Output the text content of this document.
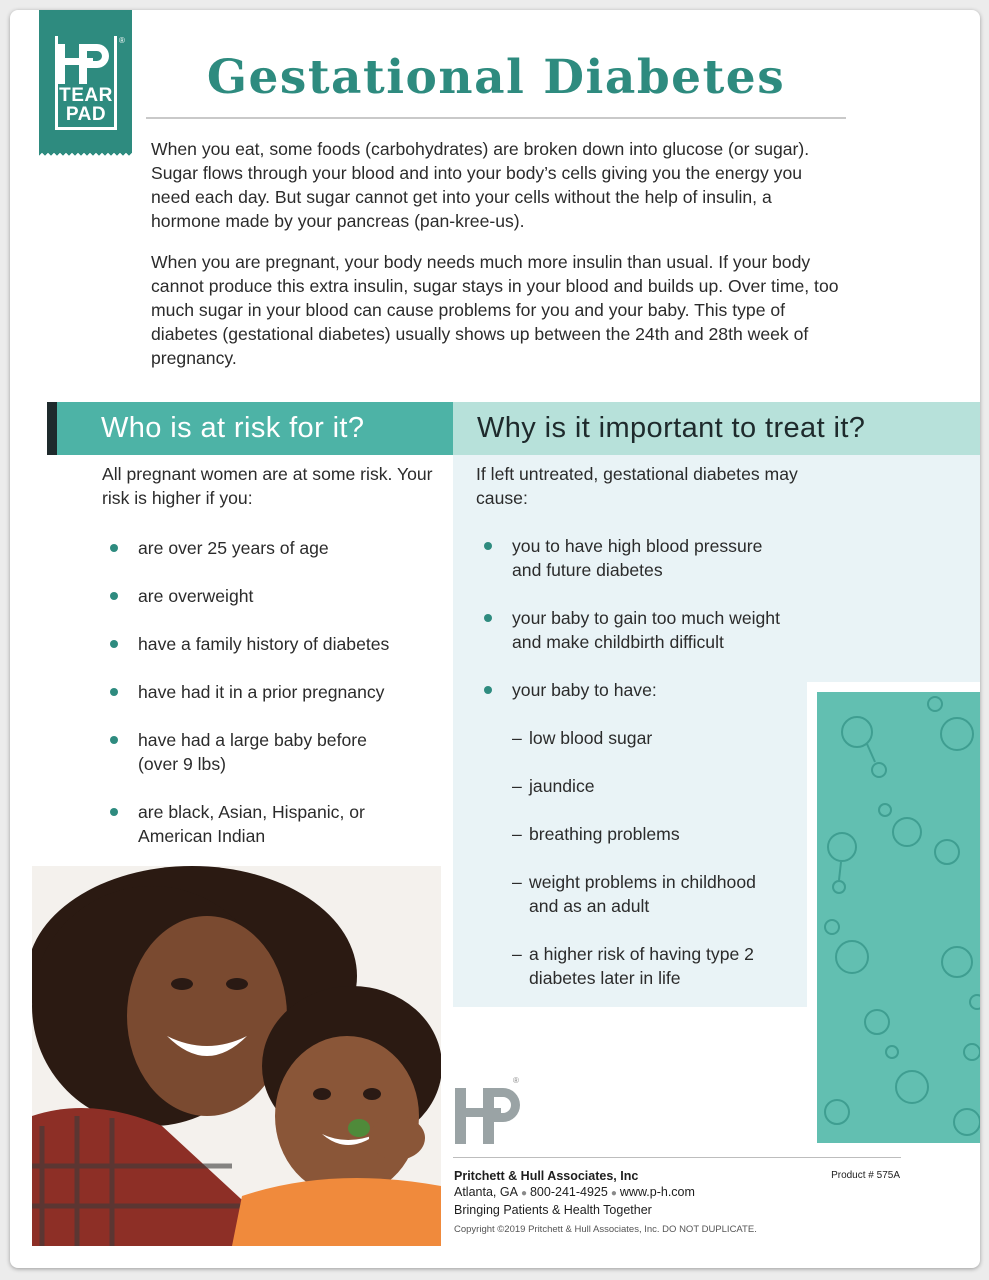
®
TEAR
PAD
Gestational Diabetes

When you eat, some foods (carbohydrates) are broken down into glucose (or sugar). Sugar flows through your blood and into your body’s cells giving you the energy you need each day. But sugar cannot get into your cells without the help of insulin, a hormone made by your pancreas (pan-kree-us).

When you are pregnant, your body needs much more insulin than usual. If your body cannot produce this extra insulin, sugar stays in your blood and builds up. Over time, too much sugar in your blood can cause problems for you and your baby. This type of diabetes (gestational diabetes) usually shows up between the 24th and 28th week of pregnancy.

Who is at risk for it?	Why is it important to treat it?

All pregnant women are at some risk. Your risk is higher if you:

are over 25 years of age
are overweight
have a family history of diabetes
have had it in a prior pregnancy
have had a large baby before (over 9 lbs)
are black, Asian, Hispanic, or American Indian

If left untreated, gestational diabetes may cause:

you to have high blood pressure and future diabetes
your baby to gain too much weight and make childbirth difficult
your baby to have:
– low blood sugar
– jaundice
– breathing problems
– weight problems in childhood and as an adult
– a higher risk of having type 2 diabetes later in life
®
Pritchett & Hull Associates, Inc
Atlanta, GA ● 800-241-4925 ● www.p-h.com
Bringing Patients & Health Together
Product # 575A
Copyright ©2019 Pritchett & Hull Associates, Inc. DO NOT DUPLICATE.
